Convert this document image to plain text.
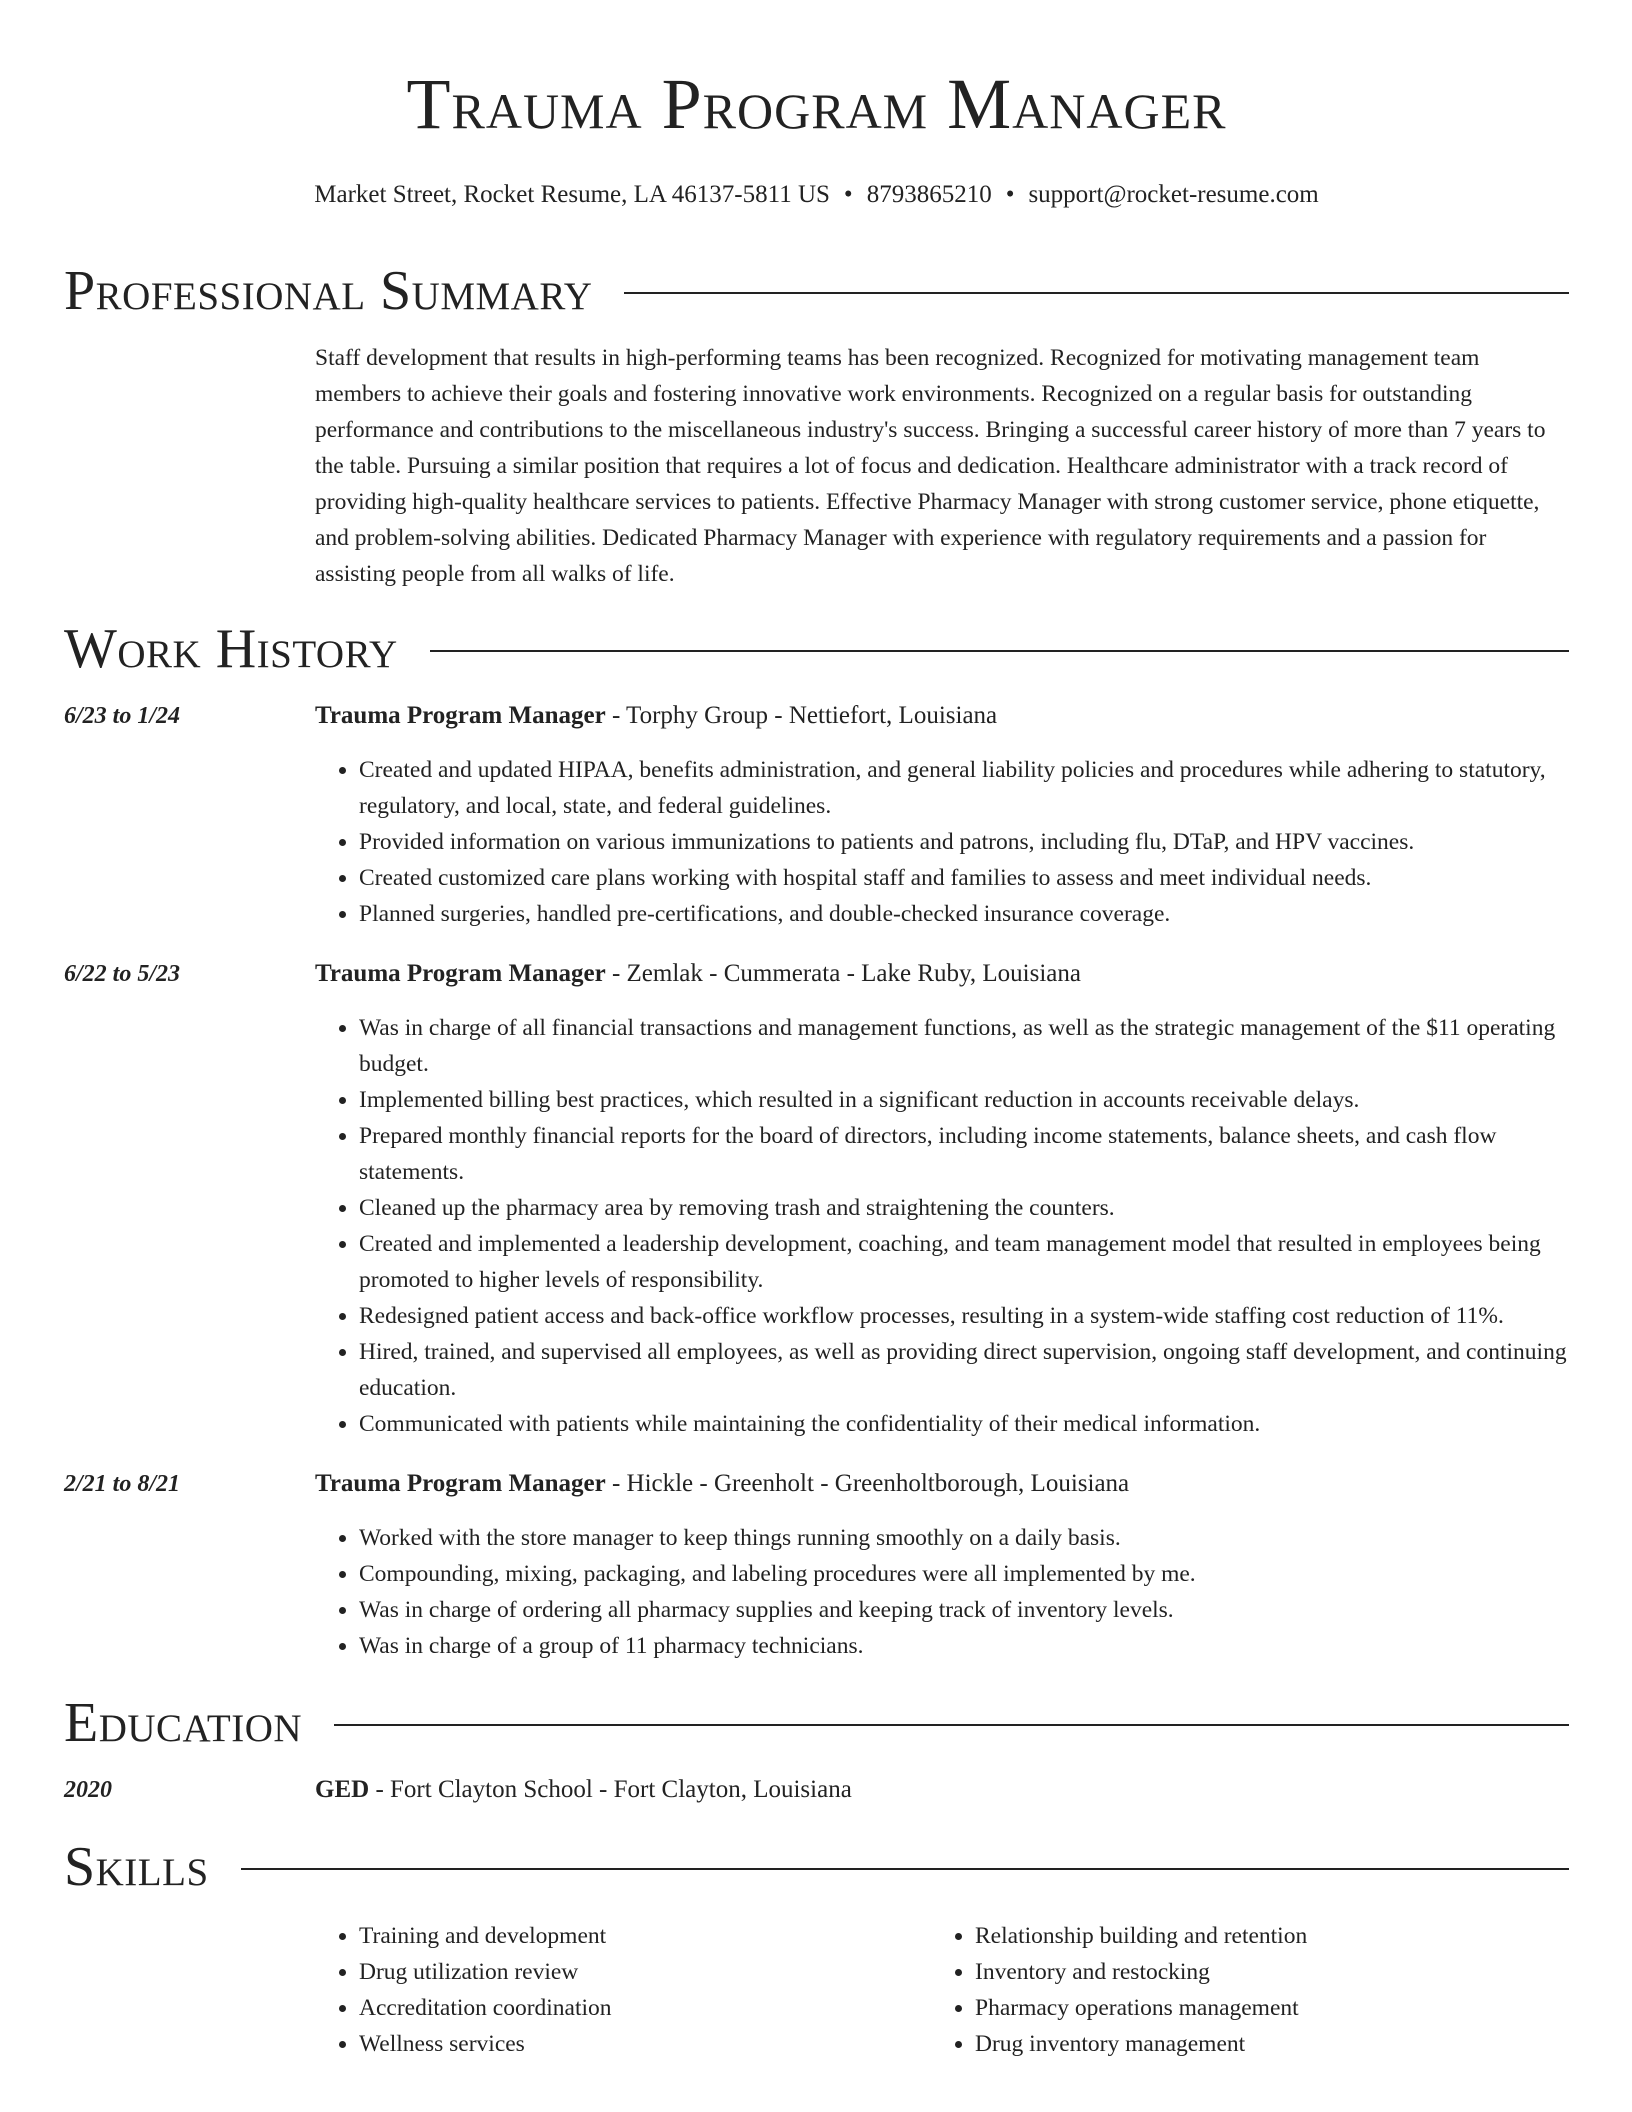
Trauma Program Manager
Market Street, Rocket Resume, LA 46137-5811 US • 8793865210 • support@rocket-resume.com
Professional Summary
Staff development that results in high-performing teams has been recognized. Recognized for motivating management team members to achieve their goals and fostering innovative work environments. Recognized on a regular basis for outstanding performance and contributions to the miscellaneous industry's success. Bringing a successful career history of more than 7 years to the table. Pursuing a similar position that requires a lot of focus and dedication. Healthcare administrator with a track record of providing high-quality healthcare services to patients. Effective Pharmacy Manager with strong customer service, phone etiquette, and problem-solving abilities. Dedicated Pharmacy Manager with experience with regulatory requirements and a passion for assisting people from all walks of life.
Work History
6/23 to 1/24	Trauma Program Manager - Torphy Group - Nettiefort, Louisiana
• Created and updated HIPAA, benefits administration, and general liability policies and procedures while adhering to statutory, regulatory, and local, state, and federal guidelines.
• Provided information on various immunizations to patients and patrons, including flu, DTaP, and HPV vaccines.
• Created customized care plans working with hospital staff and families to assess and meet individual needs.
• Planned surgeries, handled pre-certifications, and double-checked insurance coverage.
6/22 to 5/23	Trauma Program Manager - Zemlak - Cummerata - Lake Ruby, Louisiana
• Was in charge of all financial transactions and management functions, as well as the strategic management of the $11 operating budget.
• Implemented billing best practices, which resulted in a significant reduction in accounts receivable delays.
• Prepared monthly financial reports for the board of directors, including income statements, balance sheets, and cash flow statements.
• Cleaned up the pharmacy area by removing trash and straightening the counters.
• Created and implemented a leadership development, coaching, and team management model that resulted in employees being promoted to higher levels of responsibility.
• Redesigned patient access and back-office workflow processes, resulting in a system-wide staffing cost reduction of 11%.
• Hired, trained, and supervised all employees, as well as providing direct supervision, ongoing staff development, and continuing education.
• Communicated with patients while maintaining the confidentiality of their medical information.
2/21 to 8/21	Trauma Program Manager - Hickle - Greenholt - Greenholtborough, Louisiana
• Worked with the store manager to keep things running smoothly on a daily basis.
• Compounding, mixing, packaging, and labeling procedures were all implemented by me.
• Was in charge of ordering all pharmacy supplies and keeping track of inventory levels.
• Was in charge of a group of 11 pharmacy technicians.
Education
2020	GED - Fort Clayton School - Fort Clayton, Louisiana
Skills
• Training and development
• Drug utilization review
• Accreditation coordination
• Wellness services
• Relationship building and retention
• Inventory and restocking
• Pharmacy operations management
• Drug inventory management
